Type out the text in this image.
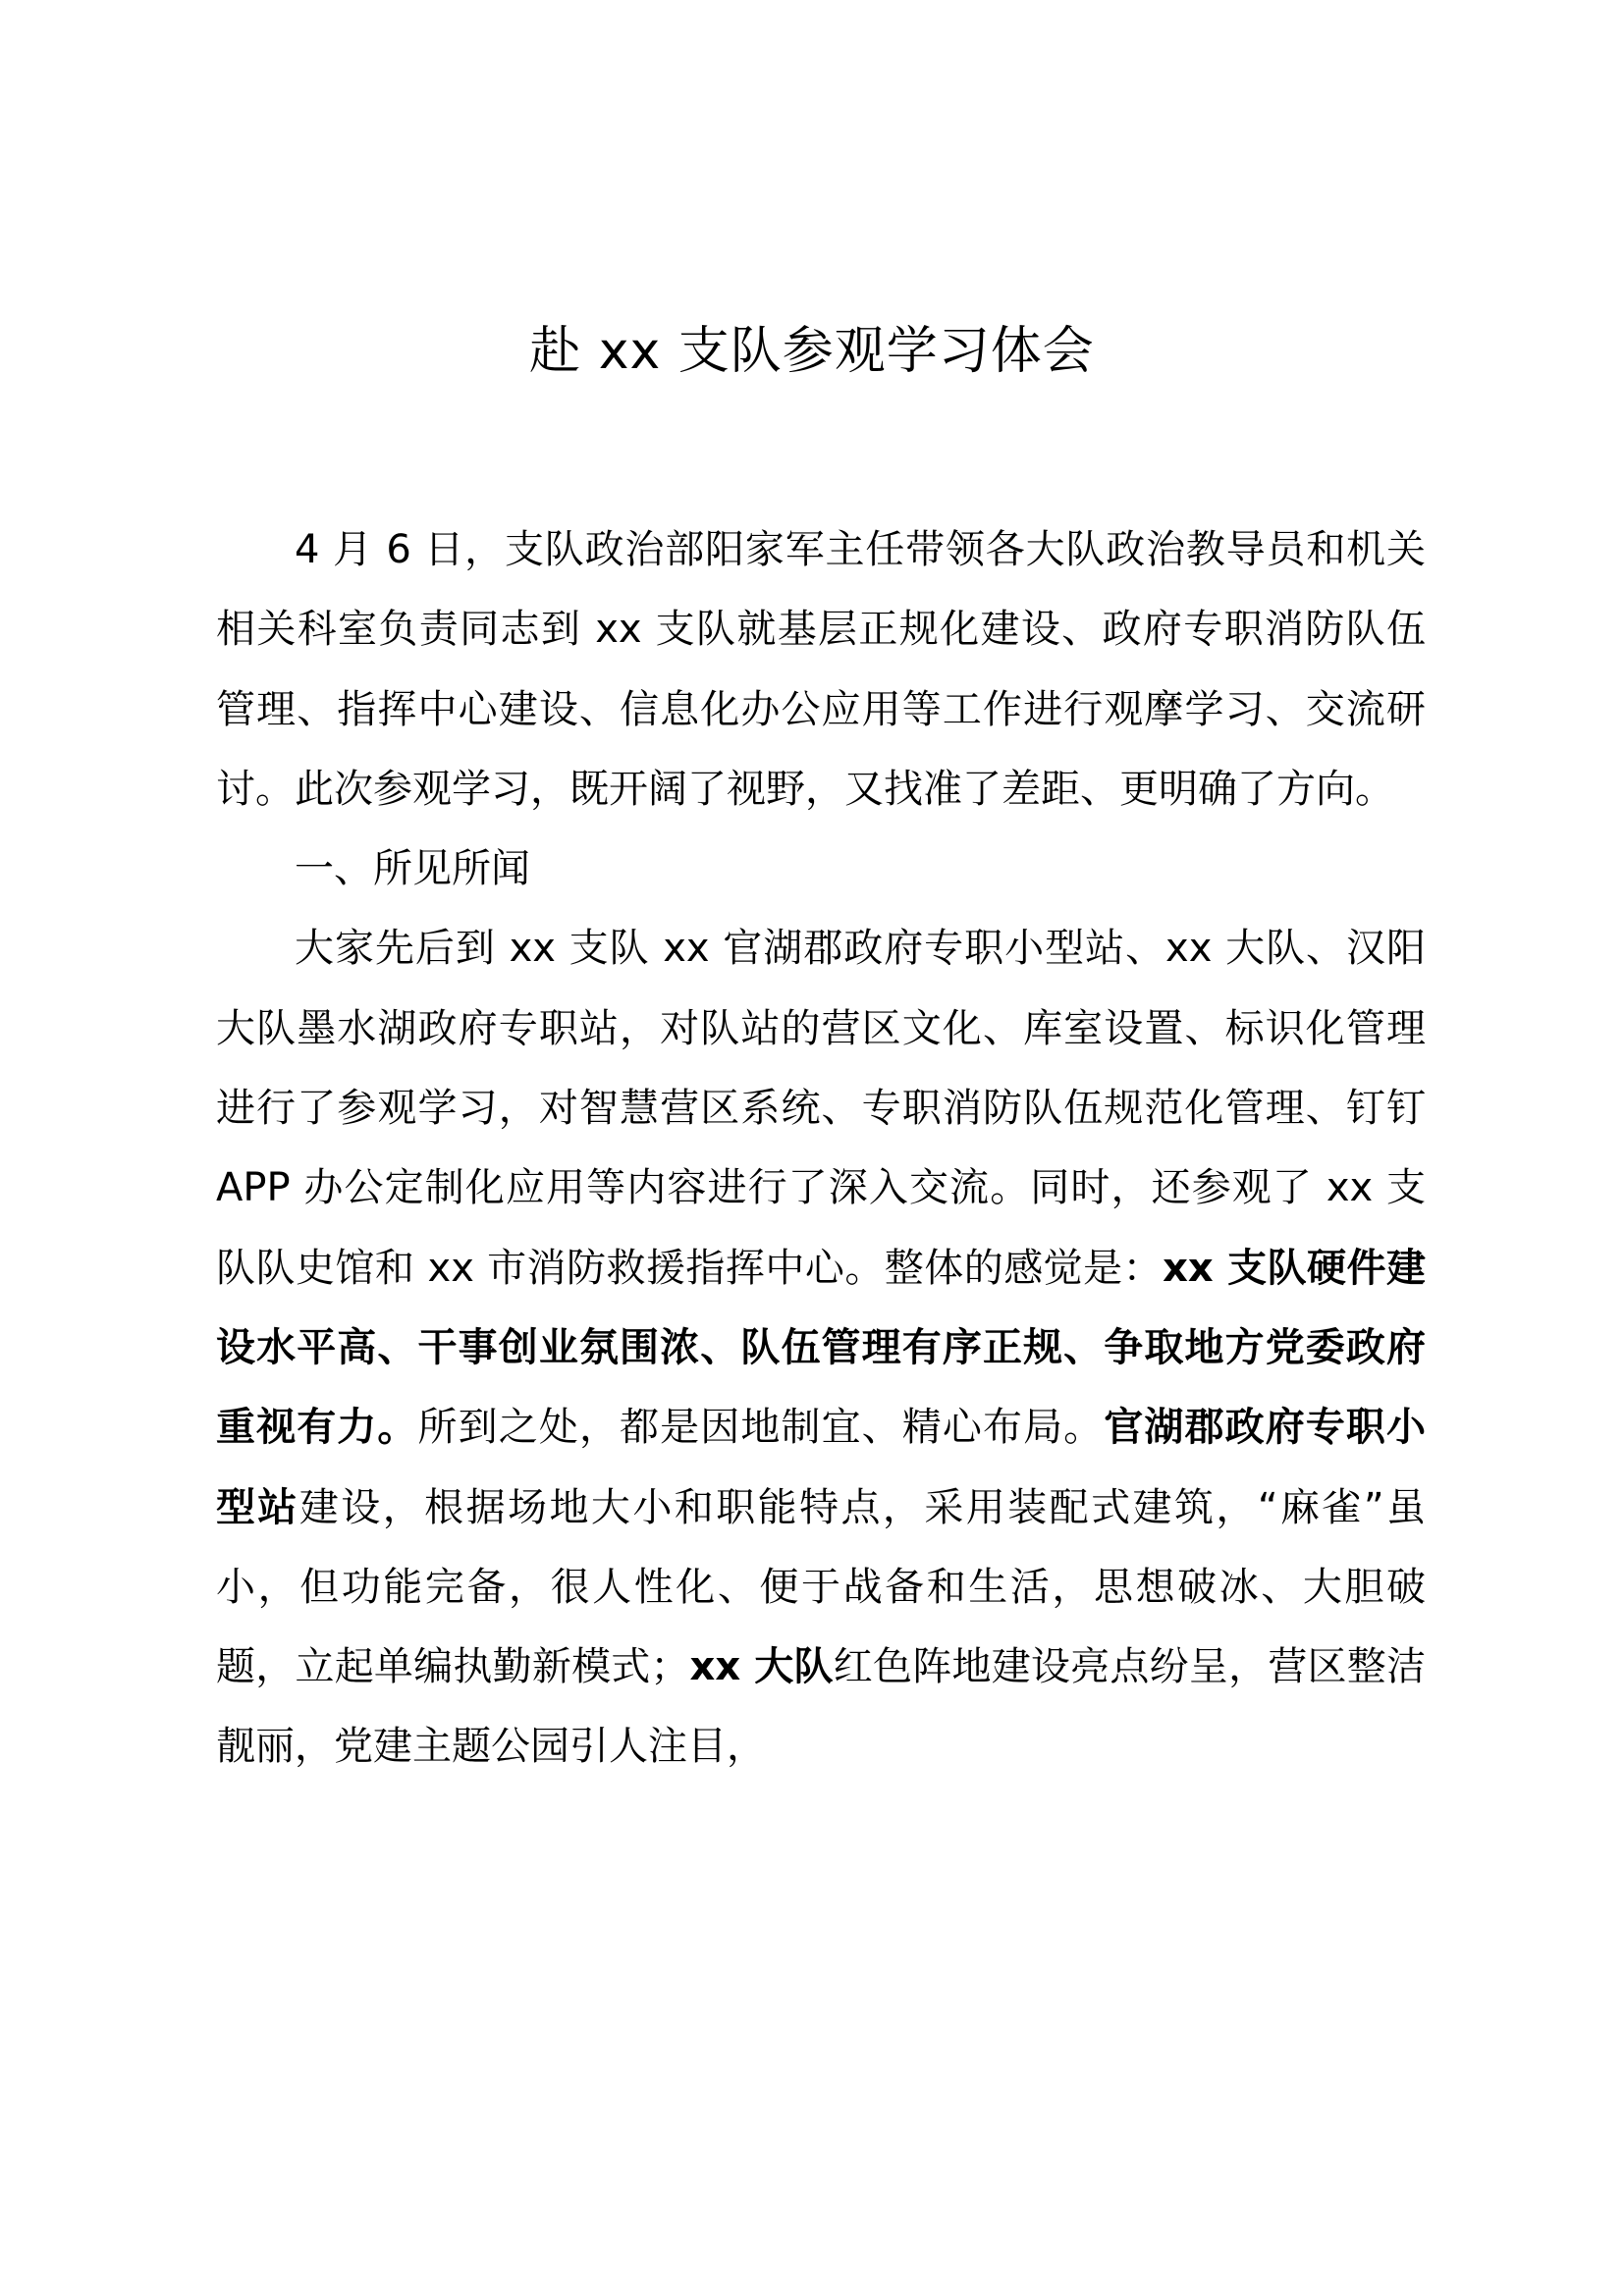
赴 xx 支队参观学习体会

4 月 6 日，支队政治部阳家军主任带领各大队政治教导员和机关相关科室负责同志到 xx 支队就基层正规化建设、政府专职消防队伍管理、指挥中心建设、信息化办公应用等工作进行观摩学习、交流研讨。此次参观学习，既开阔了视野，又找准了差距、更明确了方向。

一、所见所闻

大家先后到 xx 支队 xx 官湖郡政府专职小型站、xx 大队、汉阳大队墨水湖政府专职站，对队站的营区文化、库室设置、标识化管理进行了参观学习，对智慧营区系统、专职消防队伍规范化管理、钉钉 APP 办公定制化应用等内容进行了深入交流。同时，还参观了 xx 支队队史馆和 xx 市消防救援指挥中心。整体的感觉是：xx 支队硬件建设水平高、干事创业氛围浓、队伍管理有序正规、争取地方党委政府重视有力。所到之处，都是因地制宜、精心布局。官湖郡政府专职小型站建设，根据场地大小和职能特点，采用装配式建筑，“麻雀”虽小，但功能完备，很人性化、便于战备和生活，思想破冰、大胆破题，立起单编执勤新模式；xx 大队红色阵地建设亮点纷呈，营区整洁靓丽，党建主题公园引人注目，
